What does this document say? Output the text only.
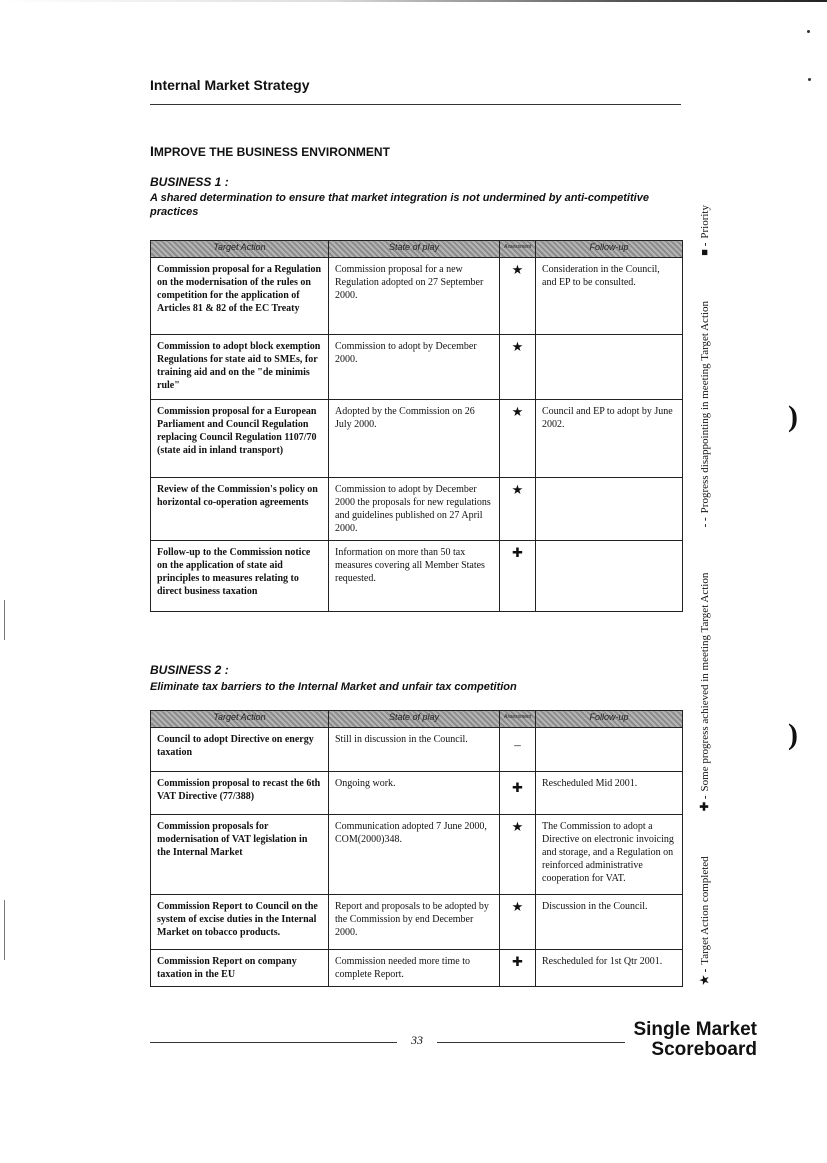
Internal Market Strategy
IMPROVE THE BUSINESS ENVIRONMENT
BUSINESS 1 :
A shared determination to ensure that market integration is not undermined by anti-competitive practices
Target Action	State of play	Assessment	Follow-up
Commission proposal for a Regulation on the modernisation of the rules on competition for the application of Articles 81 & 82 of the EC Treaty	Commission proposal for a new Regulation adopted on 27 September 2000.	★	Consideration in the Council, and EP to be consulted.
Commission to adopt block exemption Regulations for state aid to SMEs, for training aid and on the "de minimis rule"	Commission to adopt by December 2000.	★	
Commission proposal for a European Parliament and Council Regulation replacing Council Regulation 1107/70 (state aid in inland transport)	Adopted by the Commission on 26 July 2000.	★	Council and EP to adopt by June 2002.
Review of the Commission's policy on horizontal co-operation agreements	Commission to adopt by December 2000 the proposals for new regulations and guidelines published on 27 April 2000.	★	
Follow-up to the Commission notice on the application of state aid principles to measures relating to direct business taxation	Information on more than 50 tax measures covering all Member States requested.	✚	
BUSINESS 2 :
Eliminate tax barriers to the Internal Market and unfair tax competition
Target Action	State of play	Assessment	Follow-up
Council to adopt Directive on energy taxation	Still in discussion in the Council.	–	
Commission proposal to recast the 6th VAT Directive (77/388)	Ongoing work.	✚	Rescheduled Mid 2001.
Commission proposals for modernisation of VAT legislation in the Internal Market	Communication adopted 7 June 2000, COM(2000)348.	★	The Commission to adopt a Directive on electronic invoicing and storage, and a Regulation on reinforced administrative cooperation for VAT.
Commission Report to Council on the system of excise duties in the Internal Market on tobacco products.	Report and proposals to be adopted by the Commission by end December 2000.	★	Discussion in the Council.
Commission Report on company taxation in the EU	Commission needed more time to complete Report.	✚	Rescheduled for 1st Qtr 2001.
★ -Target Action completed
✚ -Some progress achieved in meeting Target Action
- -Progress disappointing in meeting Target Action
■ -Priority
)
)
33	Single Market
Scoreboard
